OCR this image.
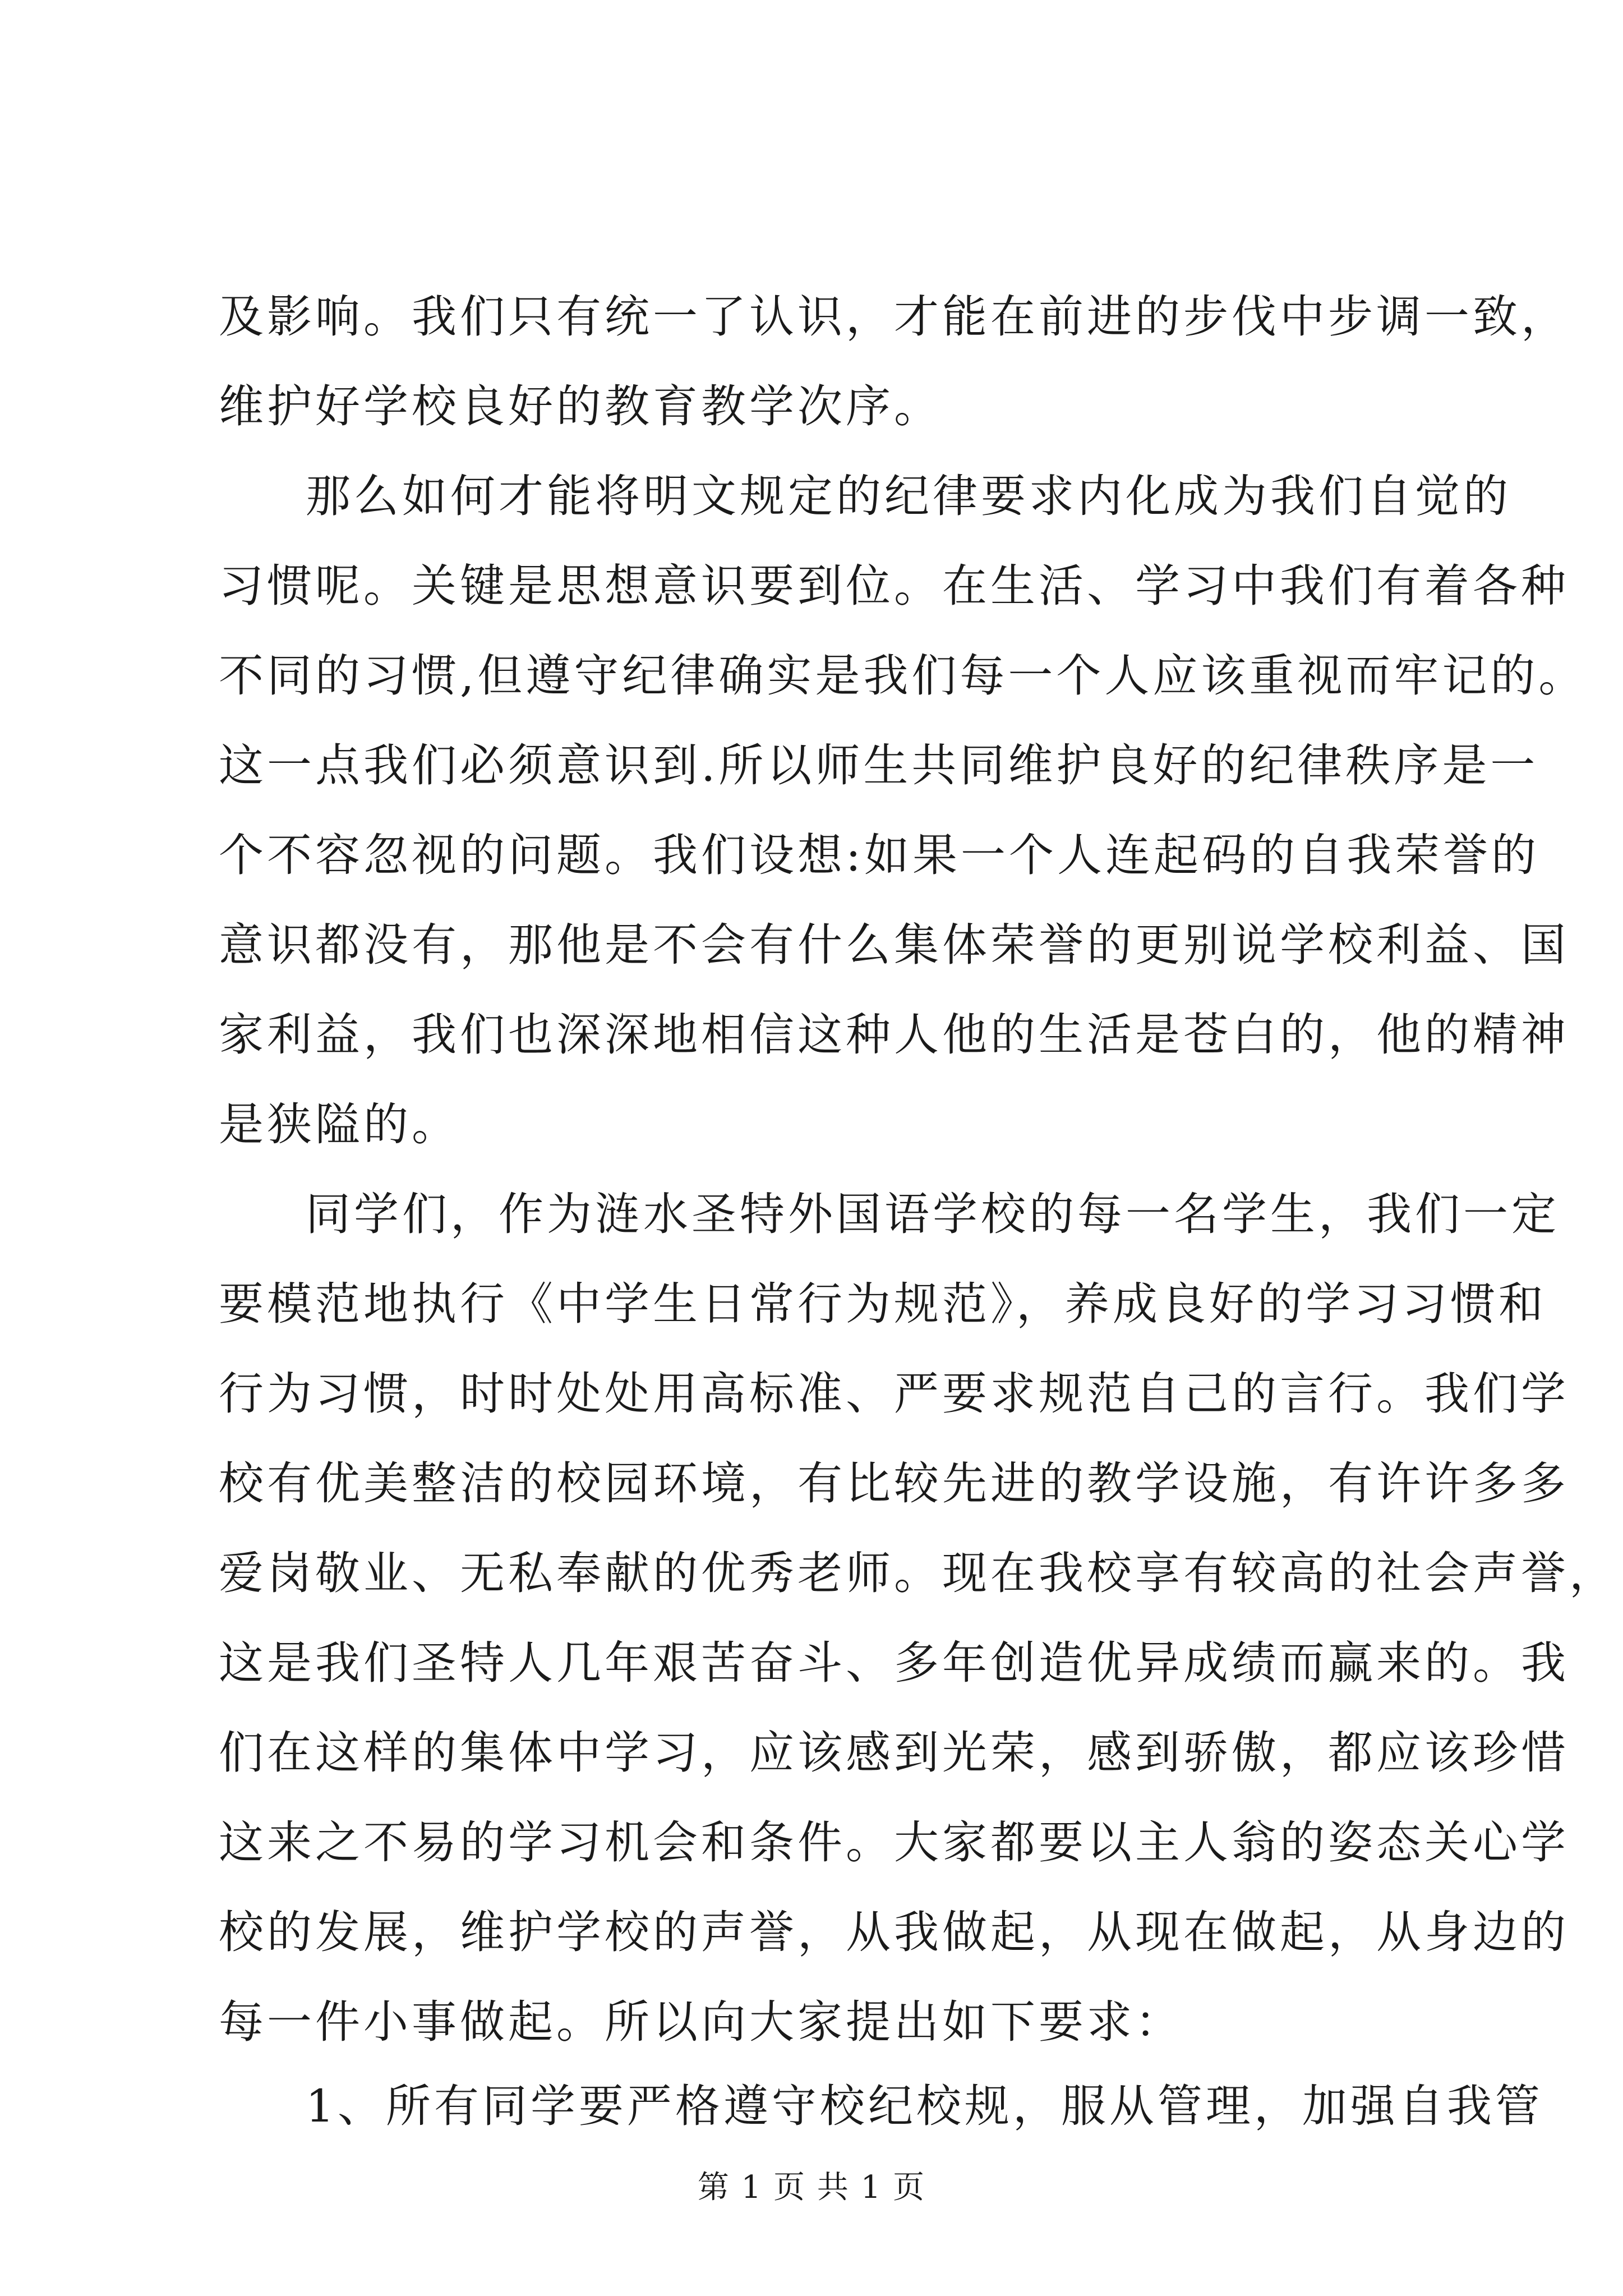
及影响。我们只有统一了认识，才能在前进的步伐中步调一致，
维护好学校良好的教育教学次序。
那么如何才能将明文规定的纪律要求内化成为我们自觉的
习惯呢。关键是思想意识要到位。在生活、学习中我们有着各种
不同的习惯,但遵守纪律确实是我们每一个人应该重视而牢记的。
这一点我们必须意识到.所以师生共同维护良好的纪律秩序是一
个不容忽视的问题。我们设想:如果一个人连起码的自我荣誉的
意识都没有，那他是不会有什么集体荣誉的更别说学校利益、国
家利益，我们也深深地相信这种人他的生活是苍白的，他的精神
是狭隘的。
同学们，作为涟水圣特外国语学校的每一名学生，我们一定
要模范地执行《中学生日常行为规范》，养成良好的学习习惯和
行为习惯，时时处处用高标准、严要求规范自己的言行。我们学
校有优美整洁的校园环境，有比较先进的教学设施，有许许多多
爱岗敬业、无私奉献的优秀老师。现在我校享有较高的社会声誉，
这是我们圣特人几年艰苦奋斗、多年创造优异成绩而赢来的。我
们在这样的集体中学习，应该感到光荣，感到骄傲，都应该珍惜
这来之不易的学习机会和条件。大家都要以主人翁的姿态关心学
校的发展，维护学校的声誉，从我做起，从现在做起，从身边的
每一件小事做起。所以向大家提出如下要求：
1、所有同学要严格遵守校纪校规，服从管理，加强自我管
第 1 页 共 1 页
